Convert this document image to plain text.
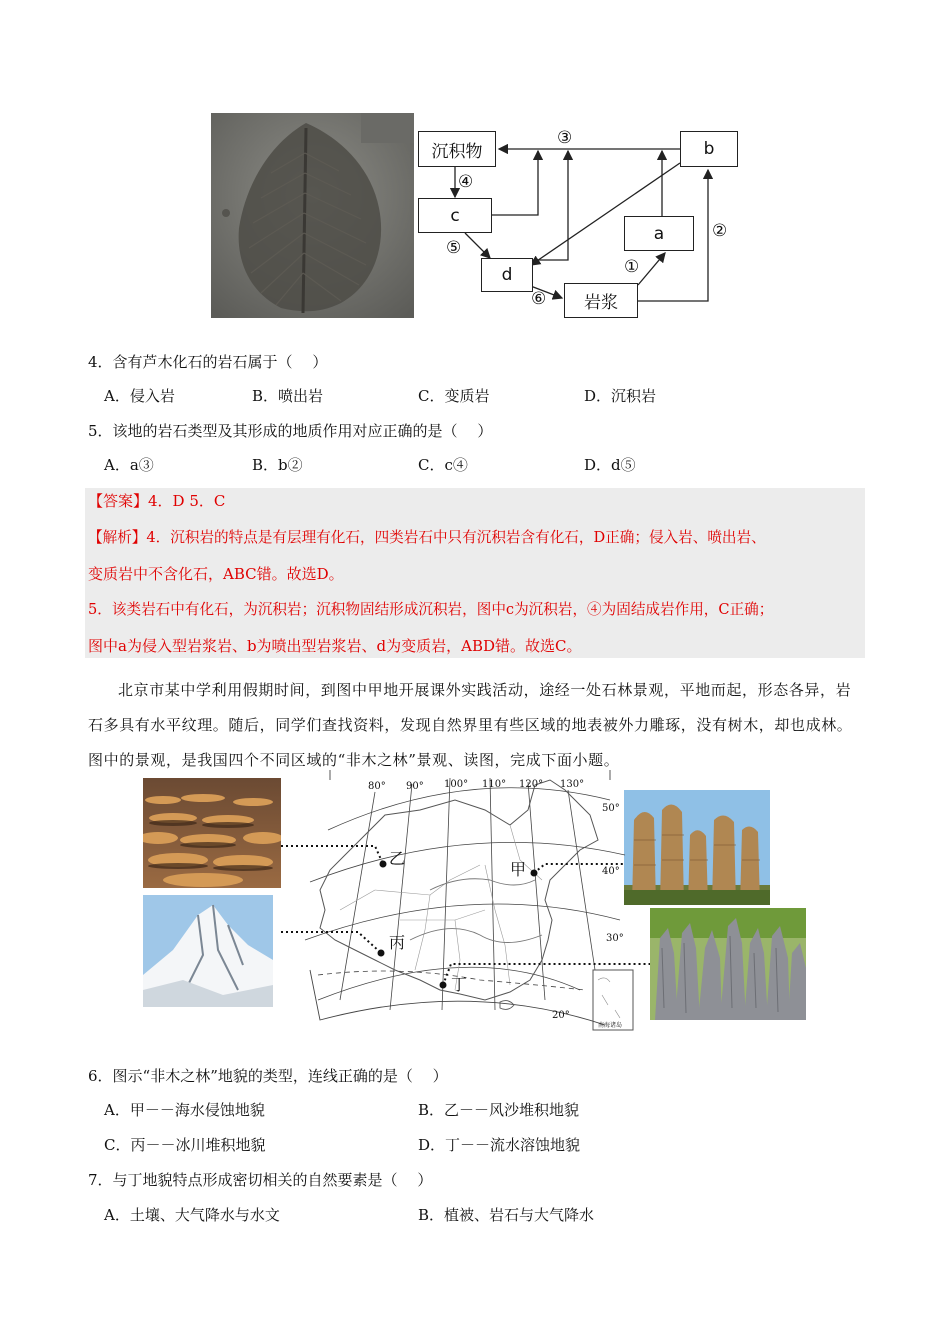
沉积物	b
c
a
d
岩浆
③
④
⑤
⑥
①
②
4．含有芦木化石的岩石属于（　 ）
A．侵入岩	B．喷出岩	C．变质岩	D．沉积岩
5．该地的岩石类型及其形成的地质作用对应正确的是（　 ）
A．a③	B．b②	C．c④	D．d⑤
【答案】4．D 5．C
【解析】4．沉积岩的特点是有层理有化石，四类岩石中只有沉积岩含有化石，D正确；侵入岩、喷出岩、
变质岩中不含化石，ABC错。故选D。
5．该类岩石中有化石，为沉积岩；沉积物固结形成沉积岩，图中c为沉积岩，④为固结成岩作用，C正确；
图中a为侵入型岩浆岩、b为喷出型岩浆岩、d为变质岩，ABD错。故选C。
北京市某中学利用假期时间，到图中甲地开展课外实践活动，途经一处石林景观，平地而起，形态各异，岩石多具有水平纹理。随后，同学们查找资料，发现自然界里有些区域的地表被外力雕琢，没有树木，却也成林。图中的景观，是我国四个不同区域的“非木之林”景观、读图，完成下面小题。
南海诸岛
80° 90° 100° 110° 120° 130°
50°
40°
30°
20°
乙
甲
丙
丁
6．图示“非木之林”地貌的类型，连线正确的是（　 ）
A．甲－－海水侵蚀地貌	B．乙－－风沙堆积地貌
C．丙－－冰川堆积地貌	D．丁－－流水溶蚀地貌
7．与丁地貌特点形成密切相关的自然要素是（　 ）
A．土壤、大气降水与水文	B．植被、岩石与大气降水
